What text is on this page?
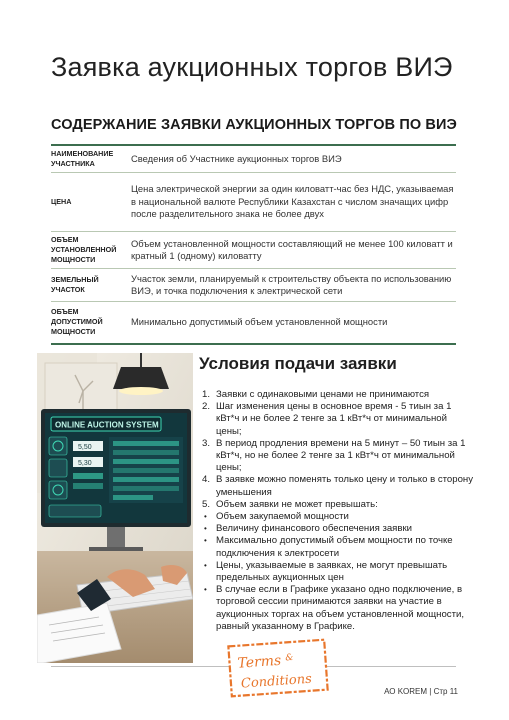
Заявка аукционных торгов ВИЭ
СОДЕРЖАНИЕ ЗАЯВКИ АУКЦИОННЫХ ТОРГОВ ПО ВИЭ
НАИМЕНОВАНИЕ УЧАСТНИКА	Сведения об Участнике аукционных торгов ВИЭ
ЦЕНА	Цена электрической энергии за один киловатт-час без НДС, указываемая в национальной валюте Республики Казахстан с числом значащих цифр после разделительного знака не более двух
ОБЪЕМ УСТАНОВЛЕННОЙ МОЩНОСТИ	Объем установленной мощности составляющий не менее 100 киловатт и кратный 1 (одному) киловатту
ЗЕМЕЛЬНЫЙ УЧАСТОК	Участок земли, планируемый к строительству объекта по использованию ВИЭ, и точка подключения к электрической сети
ОБЪЕМ ДОПУСТИМОЙ МОЩНОСТИ	Минимально допустимый объем установленной мощности
ONLINE AUCTION SYSTEM
5,50
5,30
Условия подачи заявки
1. Заявки с одинаковыми ценами не принимаются
2. Шаг изменения цены в основное время - 5 тиын за 1 кВт*ч и не более 2 тенге за 1 кВт*ч от минимальной цены;
3. В период продления времени на 5 минут – 50 тиын за 1 кВт*ч, но не более 2 тенге за 1 кВт*ч от минимальной цены;
4. В заявке можно поменять только цену и только в сторону уменьшения
5. Объем заявки не может превышать:
• Объем закупаемой мощности
• Величину финансового обеспечения заявки
• Максимально допустимый объем мощности по точке подключения к электросети
• Цены, указываемые в заявках, не могут превышать предельных аукционных цен
• В случае если в Графике указано одно подключение, в торговой сессии принимаются заявки на участие в аукционных торгах на объем установленной мощности, равный указанному в Графике.
Terms &
Conditions	АО KOREM | Стр 11
